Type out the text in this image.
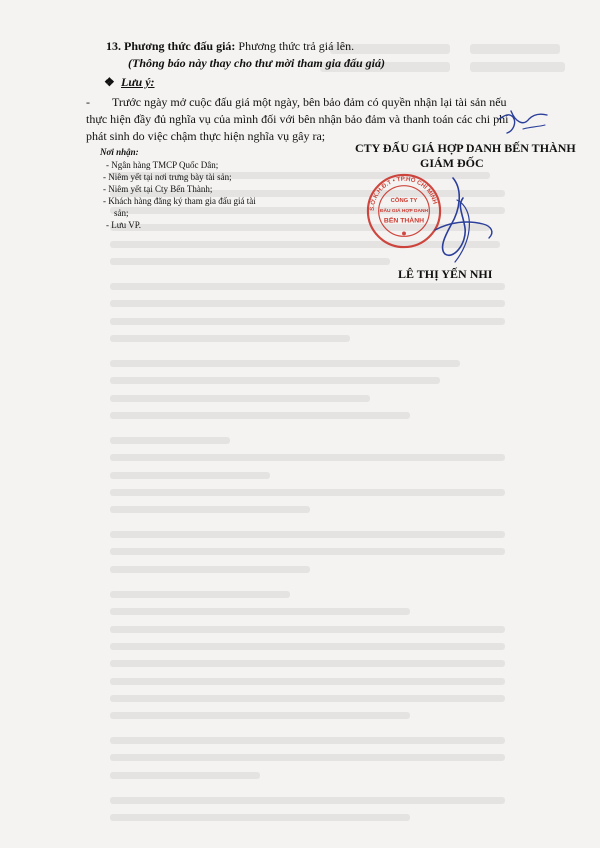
13. Phương thức đấu giá: Phương thức trả giá lên.
(Thông báo này thay cho thư mời tham gia đấu giá)
❖ Lưu ý:
-	Trước ngày mở cuộc đấu giá một ngày, bên bảo đảm có quyền nhận lại tài sản nếu thực hiện đầy đủ nghĩa vụ của mình đối với bên nhận bảo đảm và thanh toán các chi phí phát sinh do việc chậm thực hiện nghĩa vụ gây ra;

Nơi nhận:
- Ngân hàng TMCP Quốc Dân;
- Niêm yết tại nơi trưng bày tài sản;
- Niêm yết tại Cty Bến Thành;
- Khách hàng đăng ký tham gia đấu giá tài
sản;
- Lưu VP.
CTY ĐẤU GIÁ HỢP DANH BẾN THÀNH
GIÁM ĐỐC
S.Ở.K.H.Đ.T • TP.HỒ CHÍ MINH
CÔNG TY
ĐẤU GIÁ HỢP DANH
BẾN THÀNH
LÊ THỊ YẾN NHI
